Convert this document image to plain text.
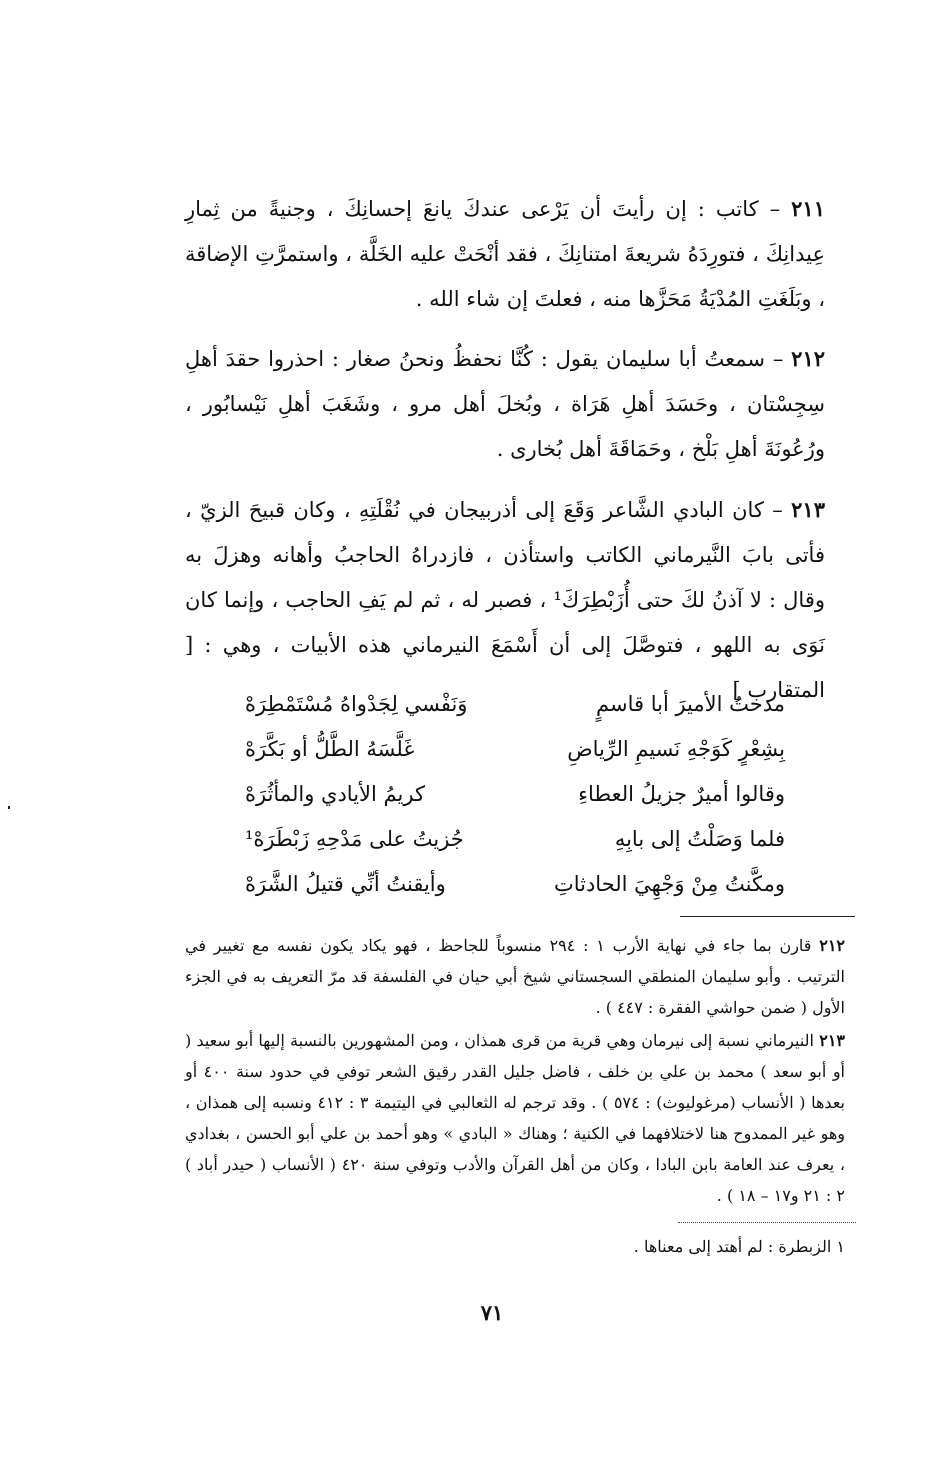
٢١١ – كاتب : إن رأيتَ أن يَرْعى عندكَ يانعَ إحسانِكَ ، وجنيةً من ثِمارِ عِيدانِكَ ، فتورِدَهُ شريعةَ امتنانِكَ ، فقد أنْحَتْ عليه الخَلَّة ، واستمرَّتِ الإضاقة ، وبَلَغَتِ المُدْيَةُ مَحَزَّها منه ، فعلتَ إن شاء الله .
٢١٢ – سمعتُ أبا سليمان يقول : كُنَّا نحفظُ ونحنُ صغار : احذروا حقدَ أهلِ سِجِسْتان ، وحَسَدَ أهلِ هَرَاة ، وبُخلَ أهل مرو ، وشَغَبَ أهلِ نَيْسابُور ، ورُعُونَةَ أهلِ بَلْخ ، وحَمَاقَةَ أهل بُخارى .
٢١٣ – كان البادي الشَّاعر وَقَعَ إلى أذربيجان في نُقْلَتِهِ ، وكان قبيحَ الزيّ ، فأتى بابَ النَّيرماني الكاتب واستأذن ، فازدراهُ الحاجبُ وأهانه وهزلَ به وقال : لا آذنُ لكَ حتى أُزَبْطِرَكَ¹ ، فصبر له ، ثم لم يَفِ الحاجب ، وإنما كان نَوَى به اللهو ، فتوصَّلَ إلى أن أَسْمَعَ النيرماني هذه الأبيات ، وهي : [ المتقارب ]
مدحتُ الأميرَ أبا قاسمٍ
وَنَفْسي لِجَدْواهُ مُسْتَمْطِرَهْ
بِشِعْرٍ كَوَجْهِ نَسيمِ الرِّياضِ
غَلَّسَهُ الطَّلُّ أو بَكَّرَهْ
وقالوا أميرٌ جزيلُ العطاءِ
كريمُ الأيادي والمأثُرَهْ
فلما وَصَلْتُ إلى بابِهِ
جُزيتُ على مَدْحِهِ زَبْطَرَهْ¹
ومكَّنتُ مِنْ وَجْهِيَ الحادثاتِ
وأيقنتُ أنِّي قتيلُ الشَّرَهْ
٢١٢ قارن بما جاء في نهاية الأرب ١ : ٢٩٤ منسوباً للجاحظ ، فهو يكاد يكون نفسه مع تغيير في الترتيب . وأبو سليمان المنطقي السجستاني شيخ أبي حيان في الفلسفة قد مرّ التعريف به في الجزء الأول ( ضمن حواشي الفقرة : ٤٤٧ ) .
٢١٣ النيرماني نسبة إلى نيرمان وهي قرية من قرى همذان ، ومن المشهورين بالنسبة إليها أبو سعيد ( أو أبو سعد ) محمد بن علي بن خلف ، فاضل جليل القدر رقيق الشعر توفي في حدود سنة ٤٠٠ أو بعدها ( الأنساب (مرغوليوث) : ٥٧٤ ) . وقد ترجم له الثعالبي في اليتيمة ٣ : ٤١٢ ونسبه إلى همذان ، وهو غير الممدوح هنا لاختلافهما في الكنية ؛ وهناك « البادي » وهو أحمد بن علي أبو الحسن ، بغدادي ، يعرف عند العامة بابن البادا ، وكان من أهل القرآن والأدب وتوفي سنة ٤٢٠ ( الأنساب ( حيدر أباد ) ٢ : ٢١ و١٧ – ١٨ ) .
١ الزبطرة : لم أهتد إلى معناها .
٧١
